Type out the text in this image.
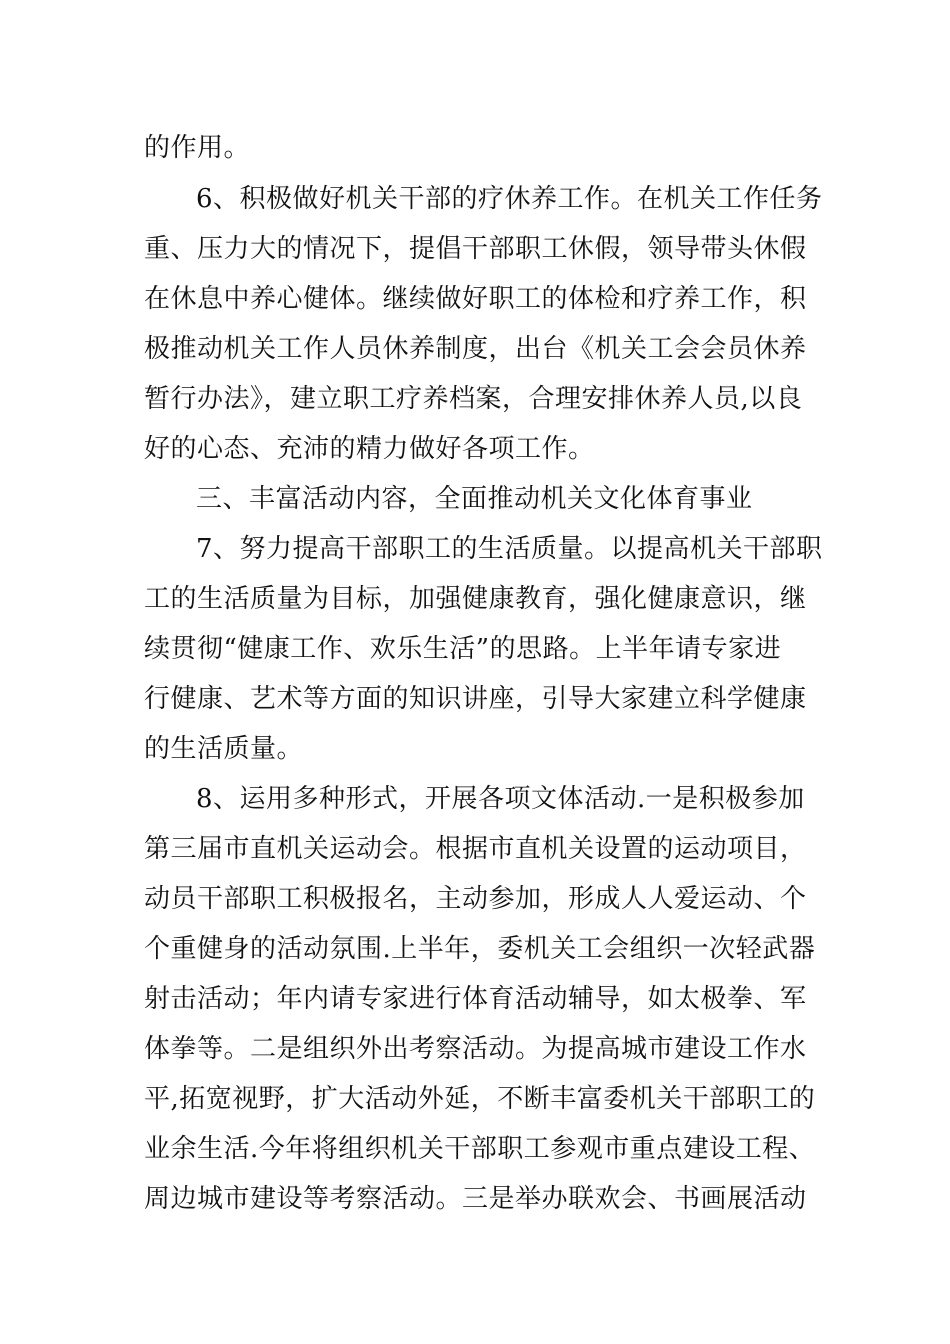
的作用。

6、积极做好机关干部的疗休养工作。在机关工作任务

重、压力大的情况下，提倡干部职工休假，领导带头休假

在休息中养心健体。继续做好职工的体检和疗养工作，积

极推动机关工作人员休养制度，出台《机关工会会员休养

暂行办法》，建立职工疗养档案，合理安排休养人员,以良

好的心态、充沛的精力做好各项工作。

三、丰富活动内容，全面推动机关文化体育事业

7、努力提高干部职工的生活质量。以提高机关干部职

工的生活质量为目标，加强健康教育，强化健康意识，继

续贯彻“健康工作、欢乐生活”的思路。上半年请专家进

行健康、艺术等方面的知识讲座，引导大家建立科学健康

的生活质量。

8、运用多种形式，开展各项文体活动.一是积极参加

第三届市直机关运动会。根据市直机关设置的运动项目，

动员干部职工积极报名，主动参加，形成人人爱运动、个

个重健身的活动氛围.上半年，委机关工会组织一次轻武器

射击活动；年内请专家进行体育活动辅导，如太极拳、军

体拳等。二是组织外出考察活动。为提高城市建设工作水

平,拓宽视野，扩大活动外延，不断丰富委机关干部职工的

业余生活.今年将组织机关干部职工参观市重点建设工程、

周边城市建设等考察活动。三是举办联欢会、书画展活动
